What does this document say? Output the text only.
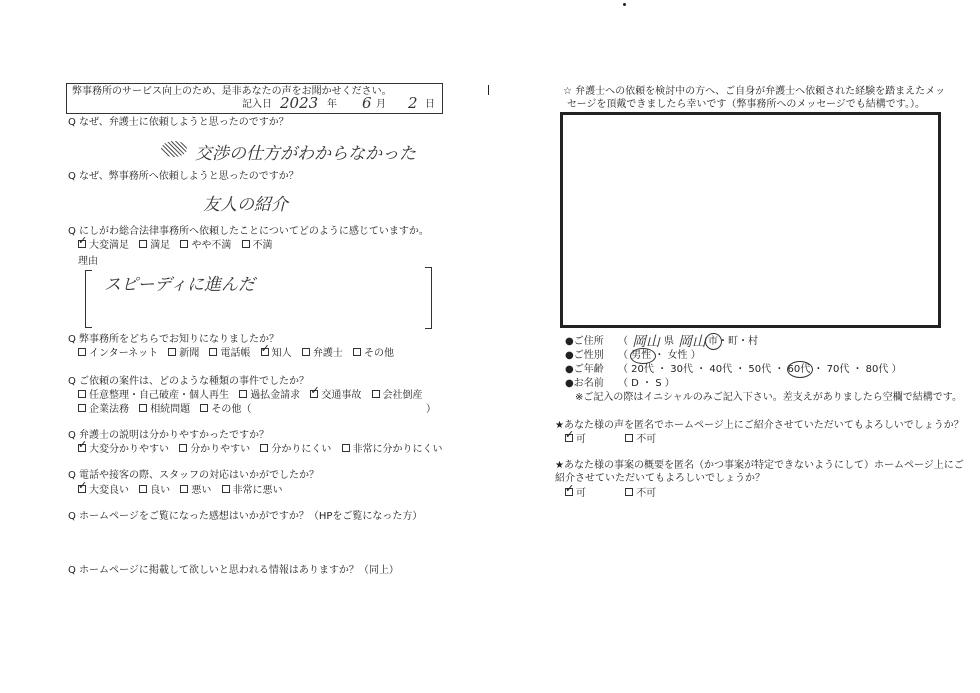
弊事務所のサービス向上のため、是非あなたの声をお聞かせください。
記入日 2023 年 6 月 2 日
Q なぜ、弁護士に依頼しようと思ったのですか？
交渉の仕方がわからなかった
Q なぜ、弊事務所へ依頼しようと思ったのですか？
友人の紹介
Q にしがわ総合法律事務所へ依頼したことについてどのように感じていますか。
✓大変満足 満足 やや不満 不満
理由
スピーディに進んだ
Q 弊事務所をどちらでお知りになりましたか？
インターネット 新聞 電話帳 ✓ 知人 弁護士 その他
Q ご依頼の案件は、どのような種類の事件でしたか？
任意整理・自己破産・個人再生 過払金請求 ✓ 交通事故 会社倒産
企業法務 相続問題 その他（	）
Q 弁護士の説明は分かりやすかったですか？
✓大変分かりやすい 分かりやすい 分かりにくい 非常に分かりにくい
Q 電話や接客の際、スタッフの対応はいかがでしたか？
✓大変良い 良い 悪い 非常に悪い
Q ホームページをご覧になった感想はいかがですか？（HPをご覧になった方）
Q ホームページに掲載して欲しいと思われる情報はありますか？（同上）
☆ 弁護士への依頼を検討中の方へ、ご自身が弁護士へ依頼された経験を踏まえたメッ
セージを頂戴できましたら幸いです（弊事務所へのメッセージでも結構です。）。
●ご住所 （ 岡山 県 岡山 市・町・村
●ご性別 （ 男性 ・ 女性 ）
●ご年齢 （ 20代 ・ 30代 ・ 40代 ・ 50代 ・ 60代 ・ 70代 ・ 80代 ）
●お名前 （ D ・ S ）
※ご記入の際はイニシャルのみご記入下さい。差支えがありましたら空欄で結構です。
★あなた様の声を匿名でホームページ上にご紹介させていただいてもよろしいでしょうか？
✓可	不可
★あなた様の事案の概要を匿名（かつ事案が特定できないようにして）ホームページ上にご
紹介させていただいてもよろしいでしょうか？
✓可	不可
